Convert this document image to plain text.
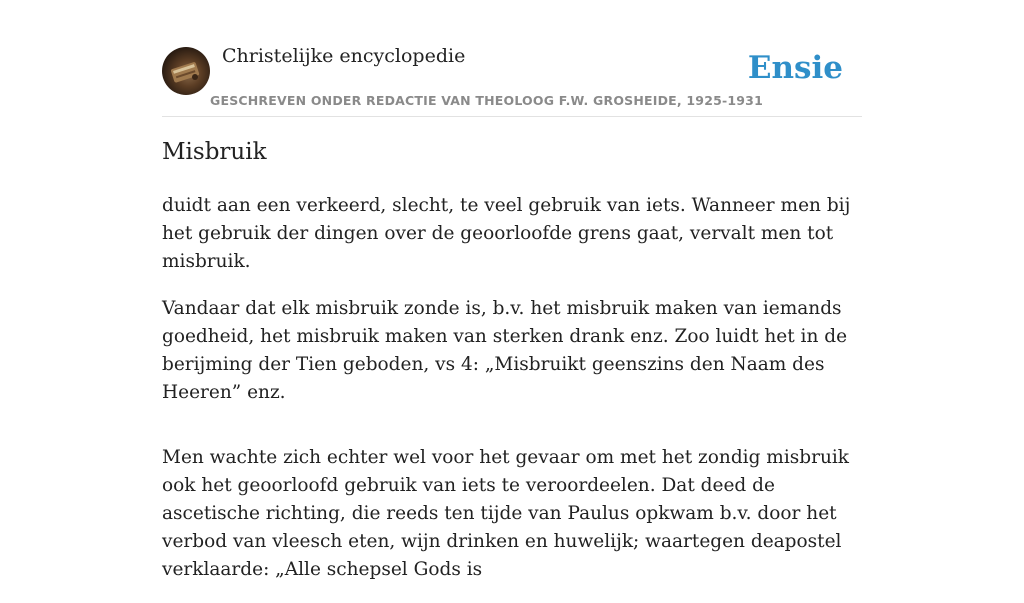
Christelijke encyclopedie
GESCHREVEN ONDER REDACTIE VAN THEOLOOG F.W. GROSHEIDE, 1925-1931
Ensie
Misbruik

duidt aan een verkeerd, slecht, te veel gebruik van iets. Wanneer men bij het gebruik der dingen over de geoorloofde grens gaat, vervalt men tot misbruik.

Vandaar dat elk misbruik zonde is, b.v. het misbruik maken van iemands goedheid, het misbruik maken van sterken drank enz. Zoo luidt het in de berijming der Tien geboden, vs 4: „Misbruikt geenszins den Naam des Heeren” enz.

Men wachte zich echter wel voor het gevaar om met het zondig misbruik ook het geoorloofd gebruik van iets te veroordeelen. Dat deed de ascetische richting, die reeds ten tijde van Paulus opkwam b.v. door het verbod van vleesch eten, wijn drinken en huwelijk; waartegen deapostel verklaarde: „Alle schepsel Gods is
